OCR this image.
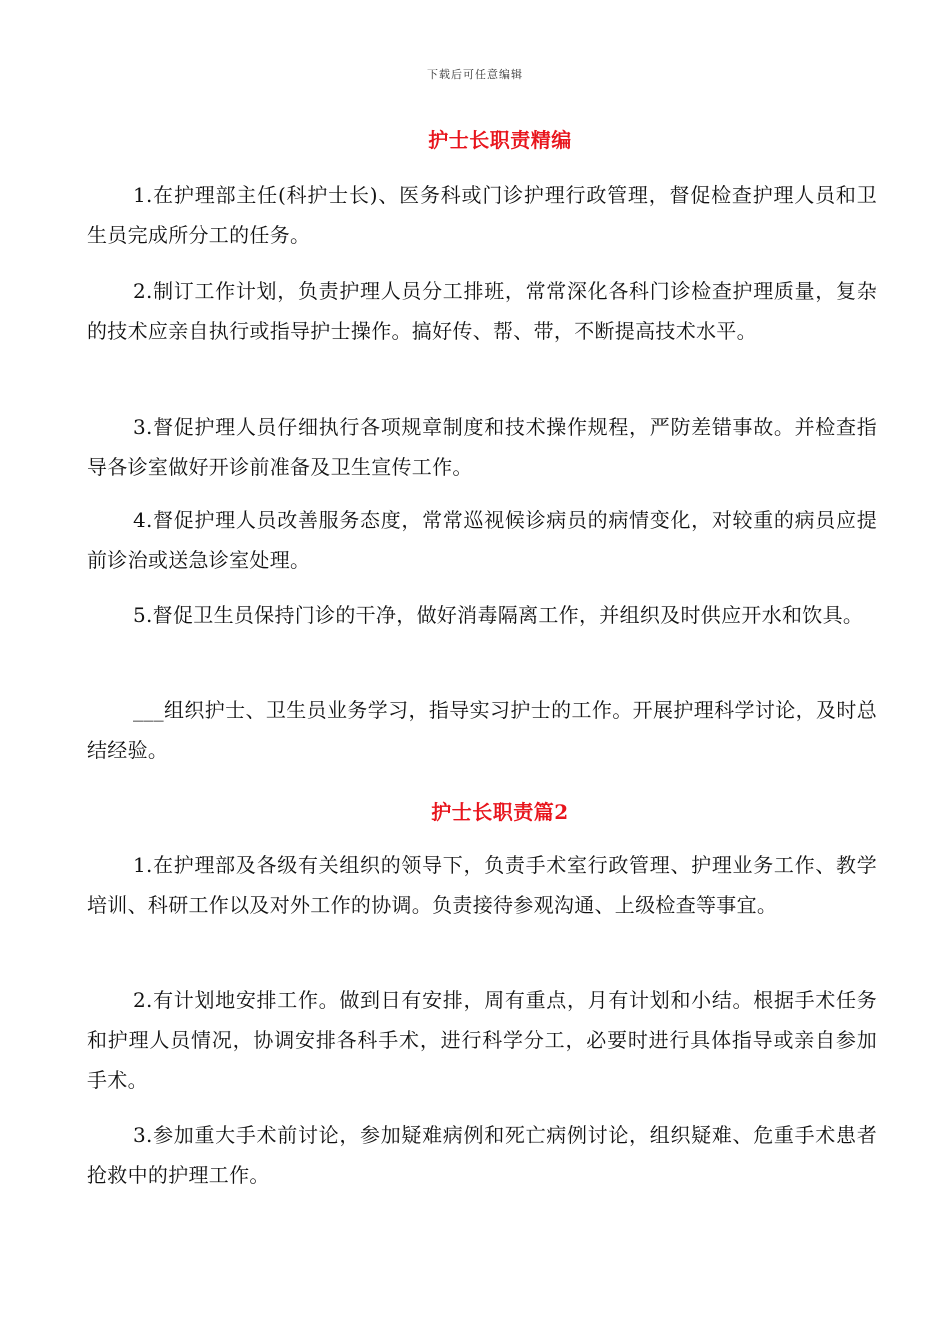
下载后可任意编辑
护士长职责精编
1.在护理部主任(科护士长)、医务科或门诊护理行政管理，督促检查护理人员和卫生员完成所分工的任务。
2.制订工作计划，负责护理人员分工排班，常常深化各科门诊检查护理质量，复杂的技术应亲自执行或指导护士操作。搞好传、帮、带，不断提高技术水平。
3.督促护理人员仔细执行各项规章制度和技术操作规程，严防差错事故。并检查指导各诊室做好开诊前准备及卫生宣传工作。
4.督促护理人员改善服务态度，常常巡视候诊病员的病情变化，对较重的病员应提前诊治或送急诊室处理。
5.督促卫生员保持门诊的干净，做好消毒隔离工作，并组织及时供应开水和饮具。
___组织护士、卫生员业务学习，指导实习护士的工作。开展护理科学讨论，及时总结经验。
护士长职责篇2
1.在护理部及各级有关组织的领导下，负责手术室行政管理、护理业务工作、教学培训、科研工作以及对外工作的协调。负责接待参观沟通、上级检查等事宜。
2.有计划地安排工作。做到日有安排，周有重点，月有计划和小结。根据手术任务和护理人员情况，协调安排各科手术，进行科学分工，必要时进行具体指导或亲自参加手术。
3.参加重大手术前讨论，参加疑难病例和死亡病例讨论，组织疑难、危重手术患者抢救中的护理工作。
